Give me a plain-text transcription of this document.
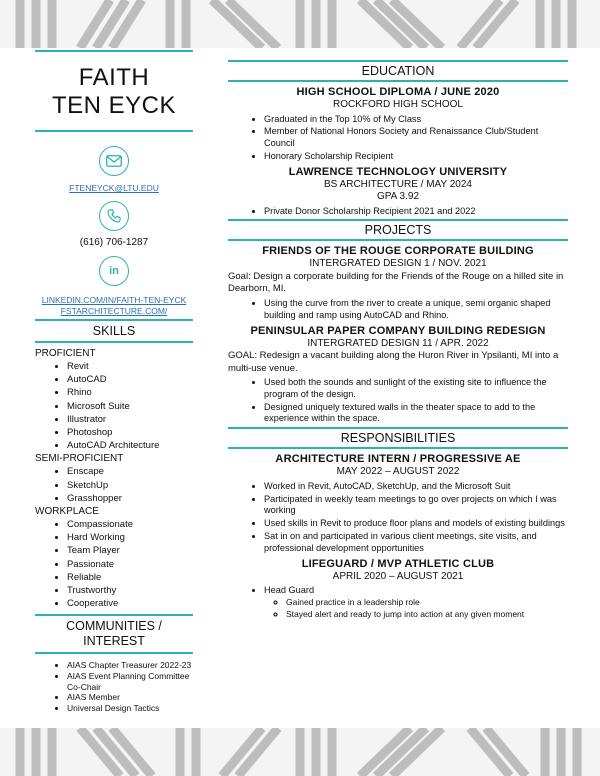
FAITH
TEN EYCK
FTENEYCK@LTU.EDU
(616) 706-1287
in
LINKEDIN.COM/IN/FAITH-TEN-EYCK
FSTARCHITECTURE.COM/
SKILLS
PROFICIENT
• Revit
• AutoCAD
• Rhino
• Microsoft Suite
• Illustrator
• Photoshop
• AutoCAD Architecture
SEMI-PROFICIENT
• Enscape
• SketchUp
• Grasshopper
WORKPLACE
• Compassionate
• Hard Working
• Team Player
• Passionate
• Reliable
• Trustworthy
• Cooperative
COMMUNITIES /
INTEREST
• AIAS Chapter Treasurer 2022-23
• AIAS Event Planning Committee Co-Chair
• AIAS Member
• Universal Design Tactics
EDUCATION
HIGH SCHOOL DIPLOMA / JUNE 2020
ROCKFORD HIGH SCHOOL
• Graduated in the Top 10% of My Class
• Member of National Honors Society and Renaissance Club/Student Council
• Honorary Scholarship Recipient
LAWRENCE TECHNOLOGY UNIVERSITY
BS ARCHITECTURE / MAY 2024
GPA 3.92
• Private Donor Scholarship Recipient 2021 and 2022
PROJECTS
FRIENDS OF THE ROUGE CORPORATE BUILDING
INTERGRATED DESIGN 1 / NOV. 2021
Goal: Design a corporate building for the Friends of the Rouge on a hilled site in Dearborn, MI.
• Using the curve from the river to create a unique, semi organic shaped building and ramp using AutoCAD and Rhino.
PENINSULAR PAPER COMPANY BUILDING REDESIGN
INTERGRATED DESIGN 11 / APR. 2022
GOAL: Redesign a vacant building along the Huron River in Ypsilanti, MI into a multi-use venue.
• Used both the sounds and sunlight of the existing site to influence the program of the design.
• Designed uniquely textured walls in the theater space to add to the experience within the space.
RESPONSIBILITIES
ARCHITECTURE INTERN / PROGRESSIVE AE
MAY 2022 – AUGUST 2022
• Worked in Revit, AutoCAD, SketchUp, and the Microsoft Suit
• Participated in weekly team meetings to go over projects on which I was working
• Used skills in Revit to produce floor plans and models of existing buildings
• Sat in on and participated in various client meetings, site visits, and professional development opportunities
LIFEGUARD / MVP ATHLETIC CLUB
APRIL 2020 – AUGUST 2021
• Head Guard
◦ Gained practice in a leadership role
◦ Stayed alert and ready to jump into action at any given moment
